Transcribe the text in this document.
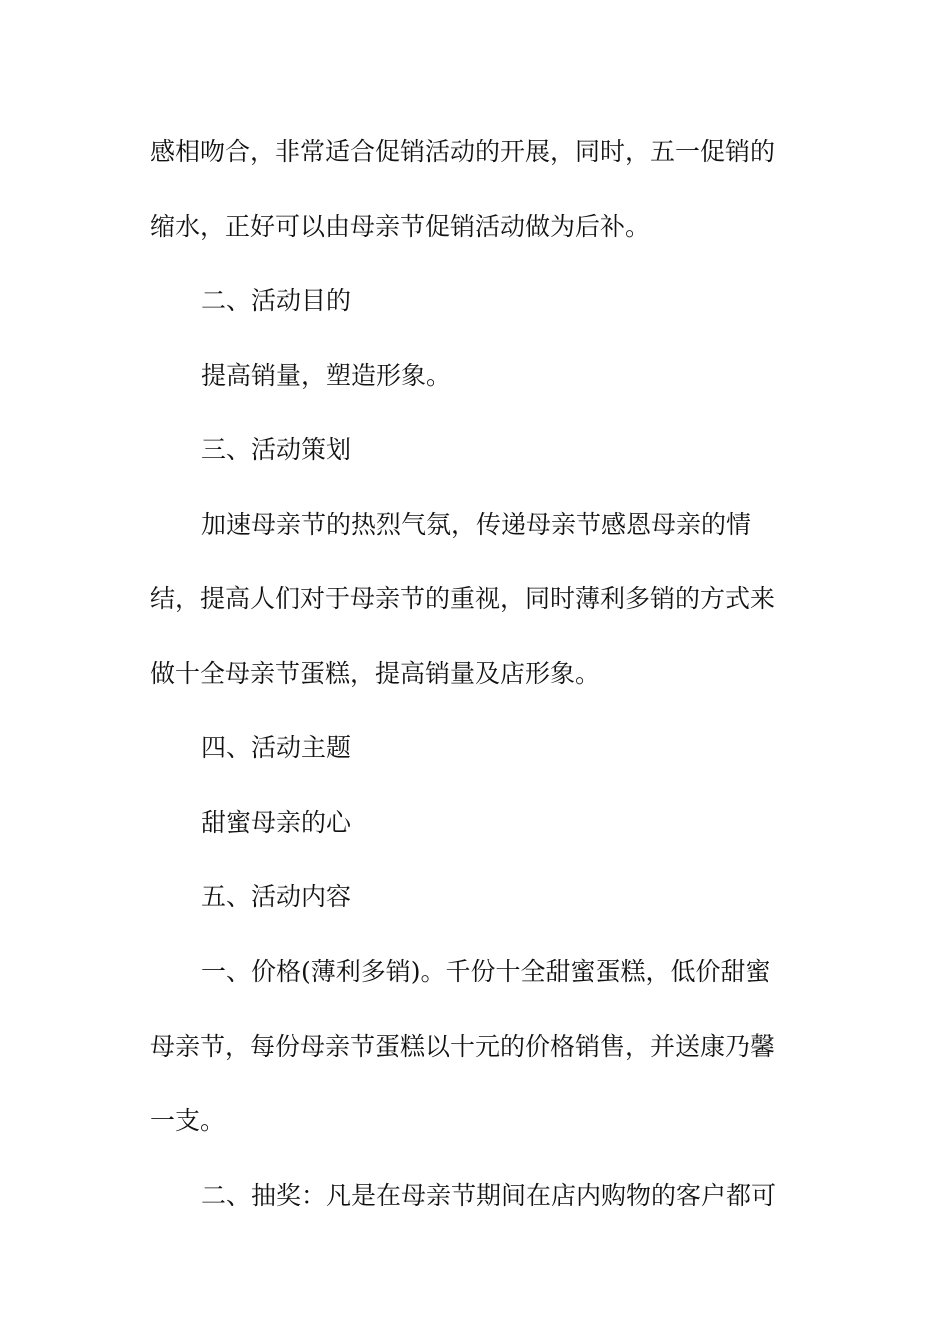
感相吻合，非常适合促销活动的开展，同时，五一促销的
缩水，正好可以由母亲节促销活动做为后补。
二、活动目的
提高销量，塑造形象。
三、活动策划
加速母亲节的热烈气氛，传递母亲节感恩母亲的情
结，提高人们对于母亲节的重视，同时薄利多销的方式来
做十全母亲节蛋糕，提高销量及店形象。
四、活动主题
甜蜜母亲的心
五、活动内容
一、价格(薄利多销)。千份十全甜蜜蛋糕，低价甜蜜
母亲节，每份母亲节蛋糕以十元的价格销售，并送康乃馨
一支。
二、抽奖：凡是在母亲节期间在店内购物的客户都可
